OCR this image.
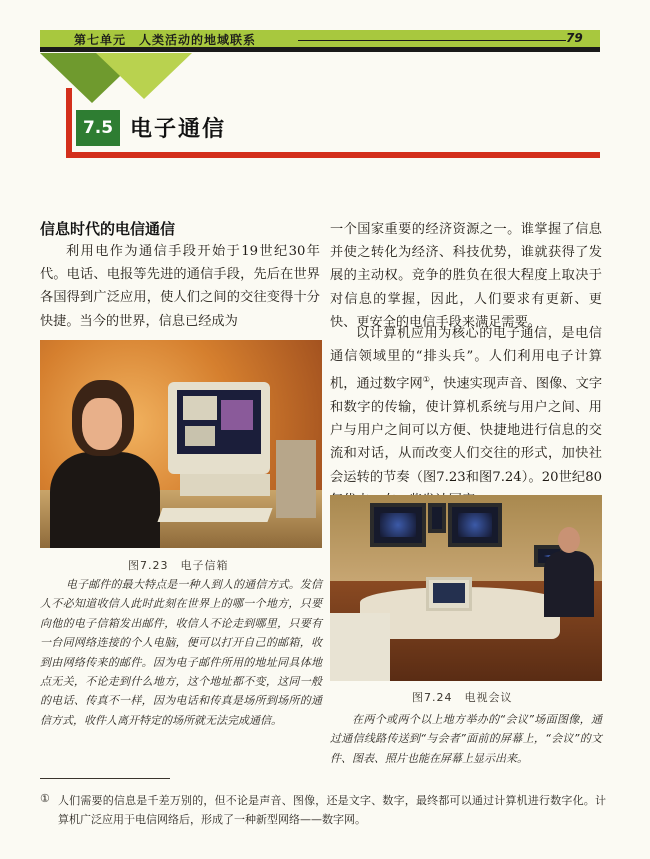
第七单元　人类活动的地域联系	79
7.5 电子通信
信息时代的电信通信
利用电作为通信手段开始于19世纪30年代。电话、电报等先进的通信手段，先后在世界各国得到广泛应用，使人们之间的交往变得十分快捷。当今的世界，信息已经成为
图7.23　电子信箱
电子邮件的最大特点是一种人到人的通信方式。发信人不必知道收信人此时此刻在世界上的哪一个地方，只要向他的电子信箱发出邮件，收信人不论走到哪里，只要有一台同网络连接的个人电脑，便可以打开自己的邮箱，收到由网络传来的邮件。因为电子邮件所用的地址同具体地点无关，不论走到什么地方，这个地址都不变，这同一般的电话、传真不一样，因为电话和传真是场所到场所的通信方式，收件人离开特定的场所就无法完成通信。
一个国家重要的经济资源之一。谁掌握了信息并使之转化为经济、科技优势，谁就获得了发展的主动权。竞争的胜负在很大程度上取决于对信息的掌握，因此，人们要求有更新、更快、更安全的电信手段来满足需要。
以计算机应用为核心的电子通信，是电信通信领域里的“排头兵”。人们利用电子计算机，通过数字网①，快速实现声音、图像、文字和数字的传输，使计算机系统与用户之间、用户与用户之间可以方便、快捷地进行信息的交流和对话，从而改变人们交往的形式，加快社会运转的节奏（图7.23和图7.24）。20世纪80
图7.24　电视会议
在两个或两个以上地方举办的“会议”场面图像，通过通信线路传送到“与会者”面前的屏幕上，“会议”的文件、图表、照片也能在屏幕上显示出来。
① 人们需要的信息是千差万别的，但不论是声音、图像，还是文字、数字，最终都可以通过计算机进行数字化。计算机广泛应用于电信网络后，形成了一种新型网络——数字网。
